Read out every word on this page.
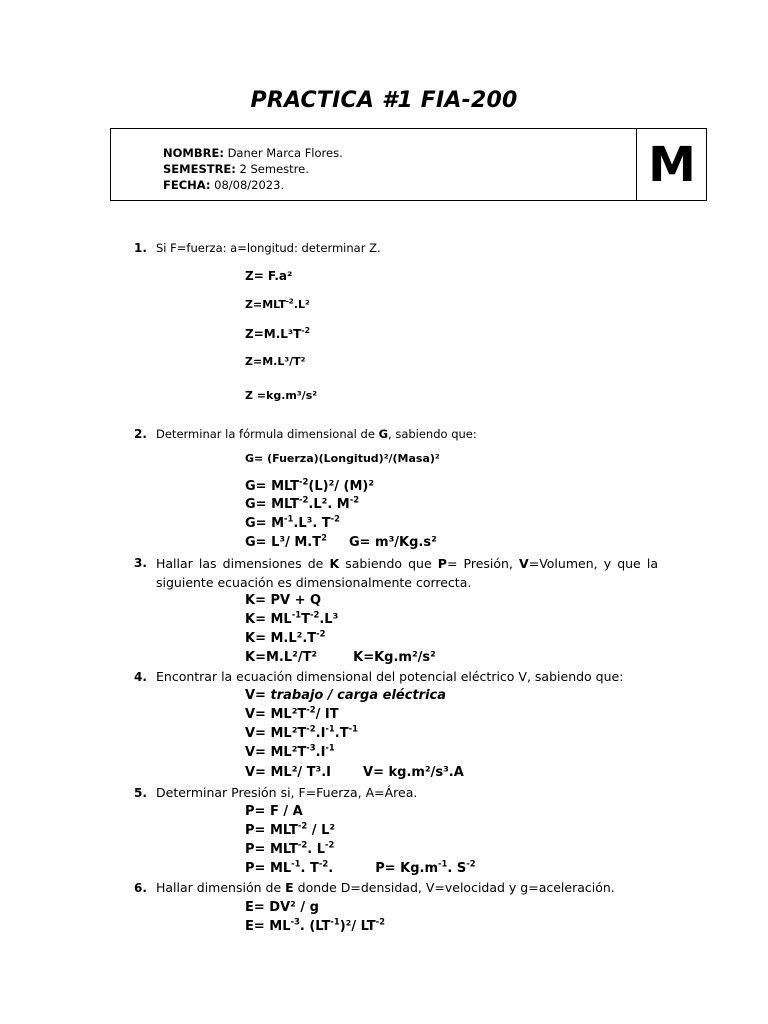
PRACTICA #1 FIA-200
NOMBRE: Daner Marca Flores.
SEMESTRE: 2 Semestre.
FECHA: 08/08/2023.	M
1. Si F=fuerza: a=longitud: determinar Z.
Z= F.a²
$Z=MLT^{-2}.L^2$
$Z=M.L^3T^{-2}$
Z=M.L³/T²
Z =kg.m³/s²
2. Determinar la fórmula dimensional de G, sabiendo que:
G= (Fuerza)(Longitud)²/(Masa)²
$G= MLT^{-2}(L)^2/$ (M)²
$G= MLT^{-2}.L^2$. $M^{-2}$
$G= M^{-1}.L^3$. $T^{-2}$
G= L³/ $M.T^2$ G= m³/Kg.s²
3. Hallar las dimensiones de K sabiendo que P= Presión, V=Volumen, y que la siguiente ecuación es dimensionalmente correcta.
K= PV + Q
$K= ML^{-1}T^{-2}.L^3$
$K= M.L^2.T^{-2}$
K=M.L²/T²	K=Kg.m²/s²
4. Encontrar la ecuación dimensional del potencial eléctrico V, sabiendo que:
V= trabajo / carga eléctrica
$V= ML^2T^{-2}/$ IT
$V= ML^2T^{-2}.I^{-1}.T^{-1}$
$V= ML^2T^{-3}.I^{-1}$
V= ML²/ T³.I V= kg.m²/s³.A
5. Determinar Presión si, F=Fuerza, A=Área.
P= F / A
$P= MLT^{-2} / L^2$
$P= MLT^{-2}$. $L^{-2}$
$P= ML^{-1}$. $T^{-2}$.	$P= Kg.m^{-1}$. $S^{-2}$
6. Hallar dimensión de E donde D=densidad, V=velocidad y g=aceleración.
E= DV² / g
$E= ML^{-3}$. $(LT^{-1})^2/$ $LT^{-2}$
